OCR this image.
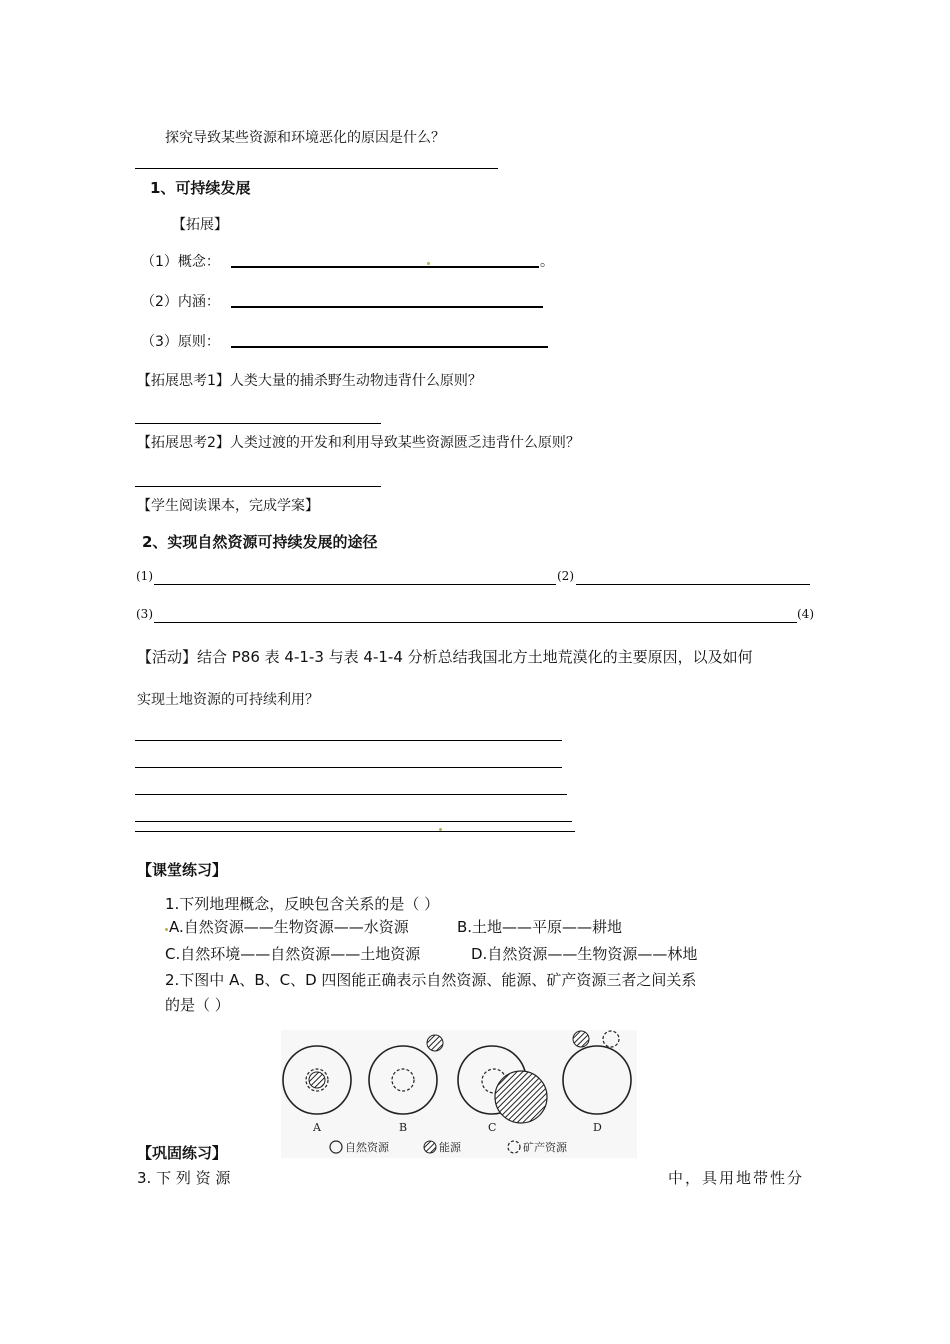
探究导致某些资源和环境恶化的原因是什么？
1、可持续发展
【拓展】
（1）概念：	。
（2）内涵：
（3）原则：
【拓展思考1】人类大量的捕杀野生动物违背什么原则？
【拓展思考2】人类过渡的开发和利用导致某些资源匮乏违背什么原则？
【学生阅读课本，完成学案】
2、实现自然资源可持续发展的途径
(1)	(2)
(3)	(4)
【活动】结合 P86 表 4-1-3 与表 4-1-4 分析总结我国北方土地荒漠化的主要原因，以及如何
实现土地资源的可持续利用？
【课堂练习】
1.下列地理概念，反映包含关系的是（ ）
A.自然资源——生物资源——水资源	B.土地——平原——耕地
C.自然环境——自然资源——土地资源	D.自然资源——生物资源——林地
2.下图中 A、B、C、D 四图能正确表示自然资源、能源、矿产资源三者之间关系
的是（ ）
A	B	C	D
自然资源	能源	矿产资源
【巩固练习】
3. 下 列 资 源	中，具用地带性分
